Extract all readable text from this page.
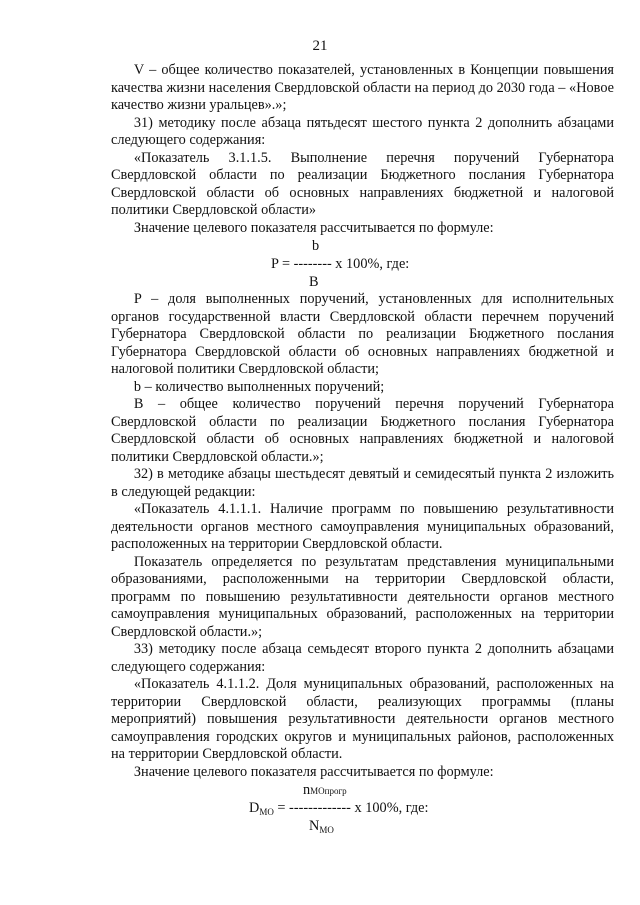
21

V – общее количество показателей, установленных в Концепции повышения качества жизни населения Свердловской области на период до 2030 года – «Новое качество жизни уральцев».»;

31) методику после абзаца пятьдесят шестого пункта 2 дополнить абзацами следующего содержания:

«Показатель 3.1.1.5. Выполнение перечня поручений Губернатора Свердловской области по реализации Бюджетного послания Губернатора Свердловской области об основных направлениях бюджетной и налоговой политики Свердловской области»

Значение целевого показателя рассчитывается по формуле:

b
P = -------- x 100%, где:
B

P – доля выполненных поручений, установленных для исполнительных органов государственной власти Свердловской области перечнем поручений Губернатора Свердловской области по реализации Бюджетного послания Губернатора Свердловской области об основных направлениях бюджетной и налоговой политики Свердловской области;

b – количество выполненных поручений;

B – общее количество поручений перечня поручений Губернатора Свердловской области по реализации Бюджетного послания Губернатора Свердловской области об основных направлениях бюджетной и налоговой политики Свердловской области.»;

32) в методике абзацы шестьдесят девятый и семидесятый пункта 2 изложить в следующей редакции:

«Показатель 4.1.1.1. Наличие программ по повышению результативности деятельности органов местного самоуправления муниципальных образований, расположенных на территории Свердловской области.

Показатель определяется по результатам представления муниципальными образованиями, расположенными на территории Свердловской области, программ по повышению результативности деятельности органов местного самоуправления муниципальных образований, расположенных на территории Свердловской области.»;

33) методику после абзаца семьдесят второго пункта 2 дополнить абзацами следующего содержания:

«Показатель 4.1.1.2. Доля муниципальных образований, расположенных на территории Свердловской области, реализующих программы (планы мероприятий) повышения результативности деятельности органов местного самоуправления городских округов и муниципальных районов, расположенных на территории Свердловской области.

Значение целевого показателя рассчитывается по формуле:

nМОпрогр
$D_{МО}$ = ------------- x 100%, где:
$N_{МО}$
